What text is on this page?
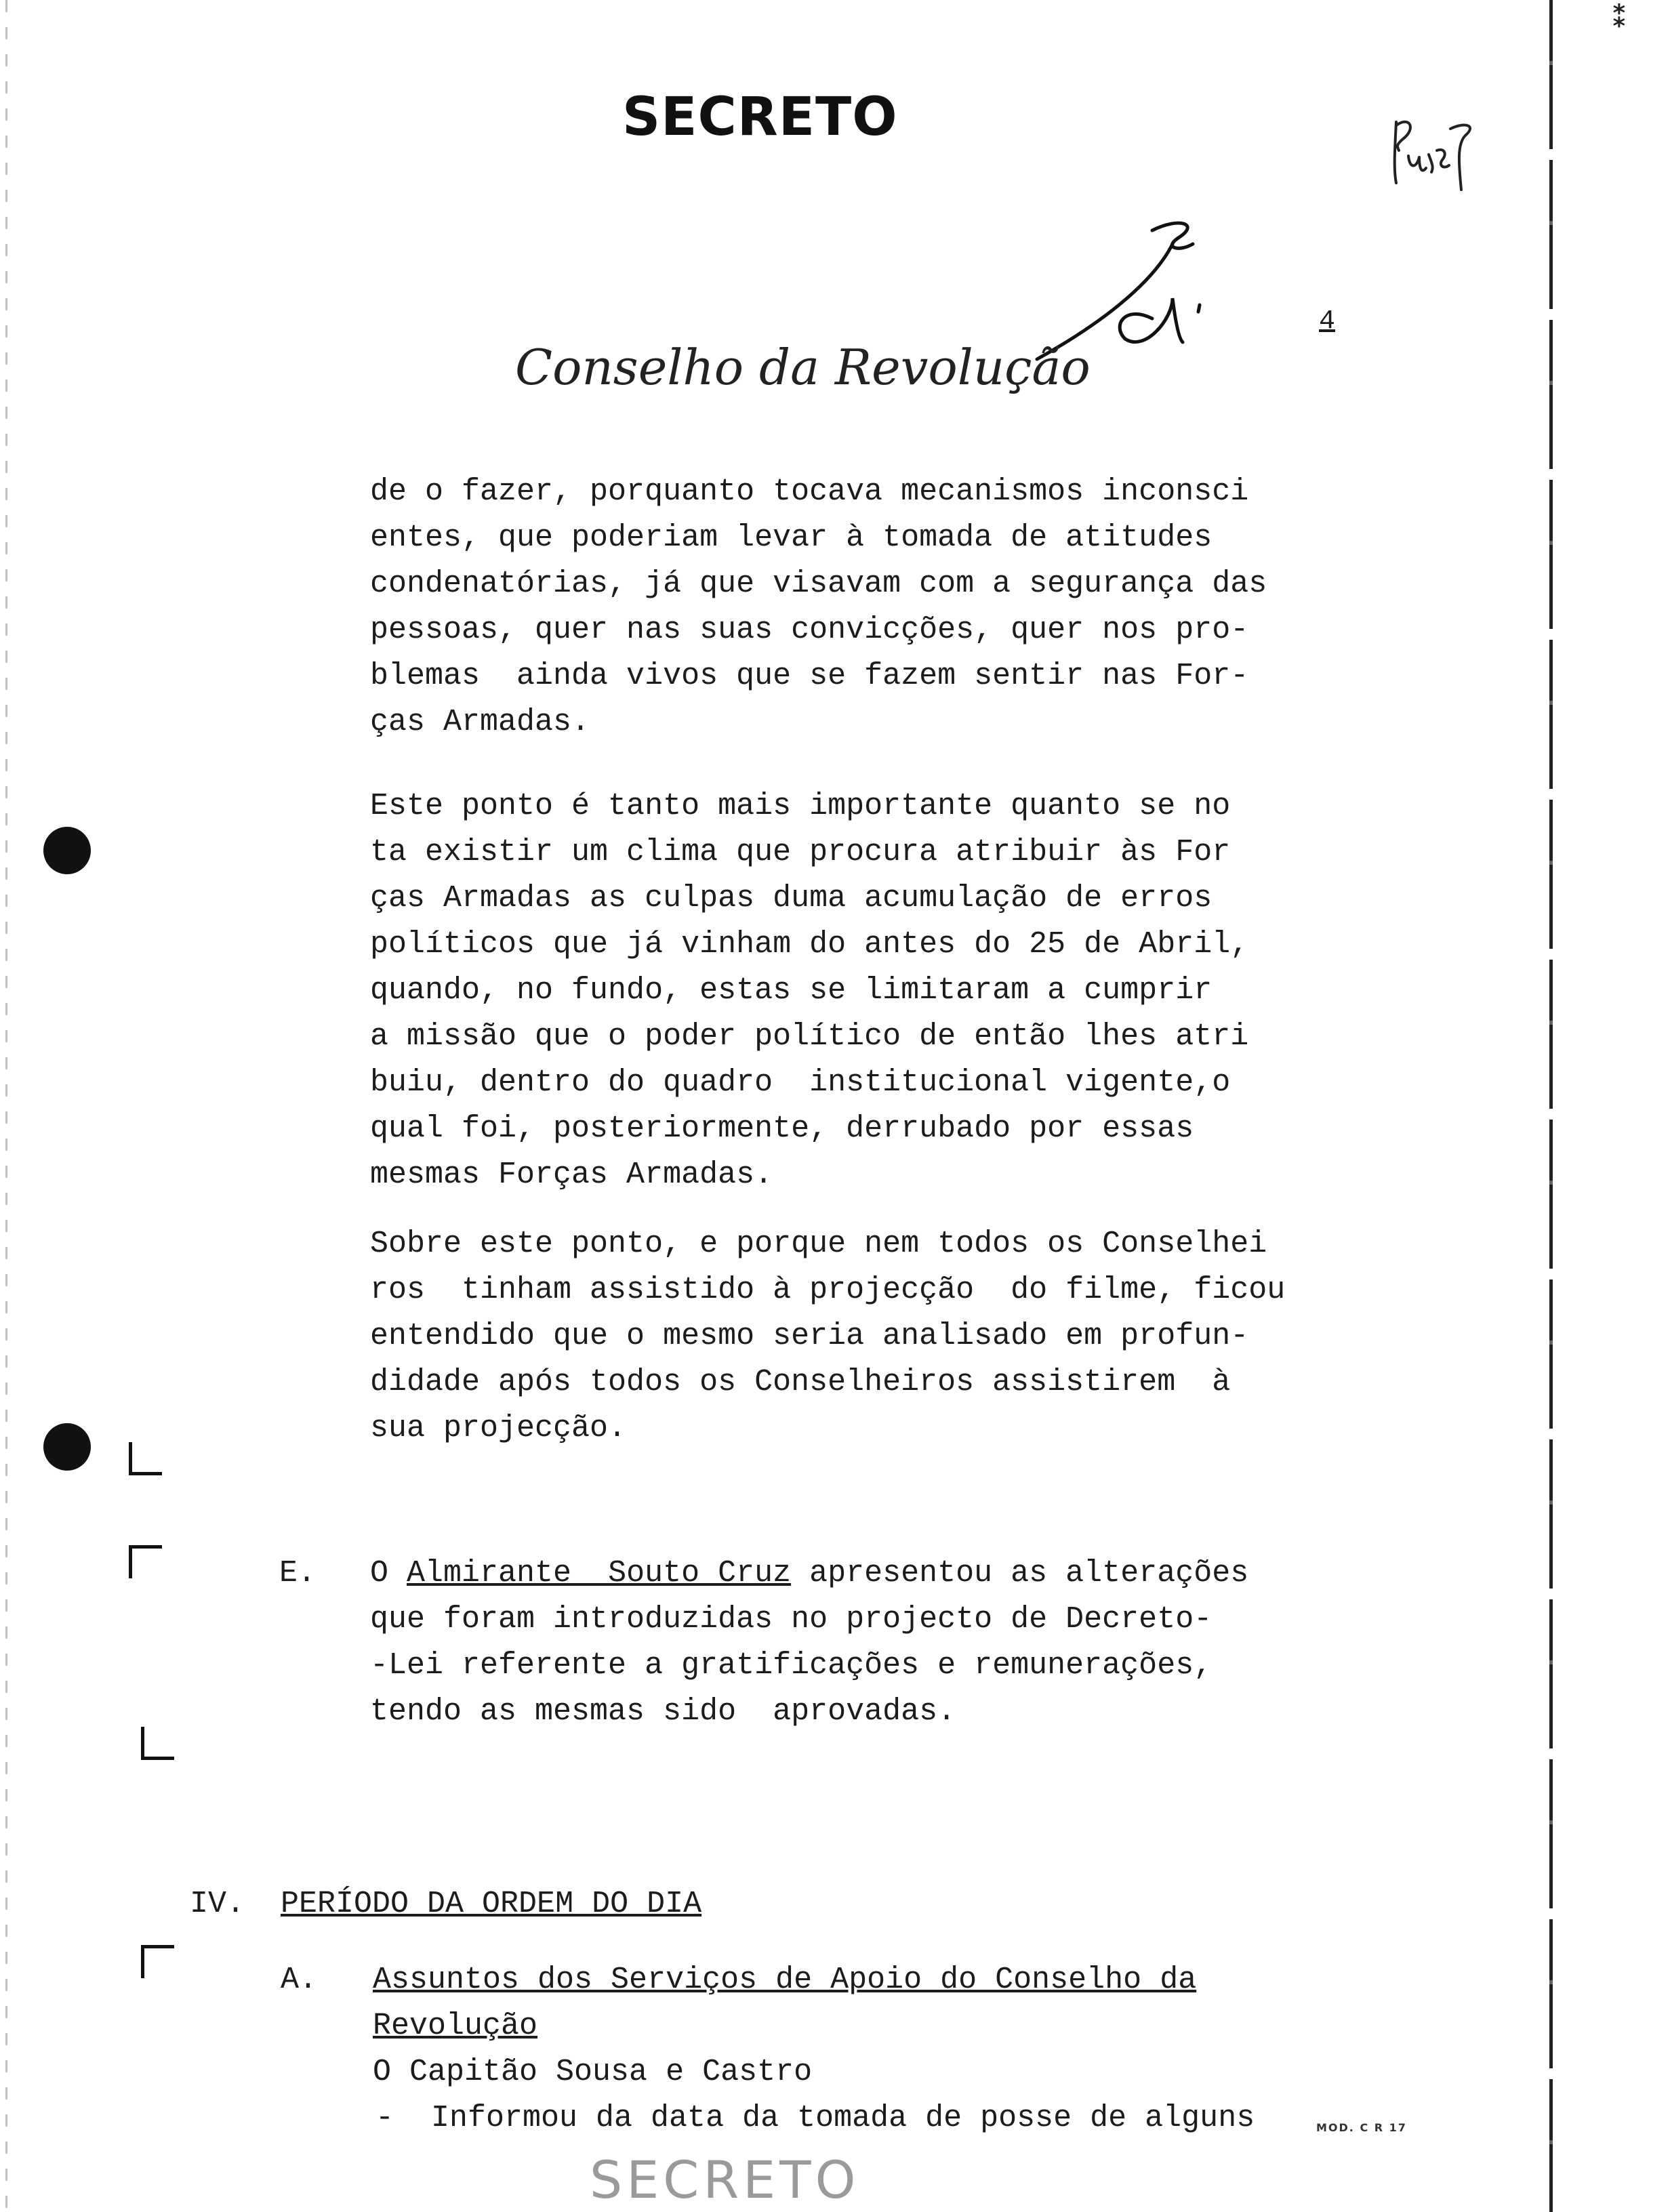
⁑
SECRETO
Conselho da Revolução
4
de o fazer, porquanto tocava mecanismos inconsci
entes, que poderiam levar à tomada de atitudes
condenatórias, já que visavam com a segurança das
pessoas, quer nas suas convicções, quer nos pro-
blemas  ainda vivos que se fazem sentir nas For-
ças Armadas.
Este ponto é tanto mais importante quanto se no
ta existir um clima que procura atribuir às For
ças Armadas as culpas duma acumulação de erros
políticos que já vinham do antes do 25 de Abril,
quando, no fundo, estas se limitaram a cumprir
a missão que o poder político de então lhes atri
buiu, dentro do quadro  institucional vigente,o
qual foi, posteriormente, derrubado por essas
mesmas Forças Armadas.
Sobre este ponto, e porque nem todos os Conselhei
ros  tinham assistido à projecção  do filme, ficou
entendido que o mesmo seria analisado em profun-
didade após todos os Conselheiros assistirem  à
sua projecção.
E. O Almirante  Souto Cruz apresentou as alterações
que foram introduzidas no projecto de Decreto-
-Lei referente a gratificações e remunerações,
tendo as mesmas sido  aprovadas.
IV. PERÍODO DA ORDEM DO DIA
A. Assuntos dos Serviços de Apoio do Conselho da
Revolução
O Capitão Sousa e Castro
- Informou da data da tomada de posse de alguns	MOD. C R 17
SECRETO
